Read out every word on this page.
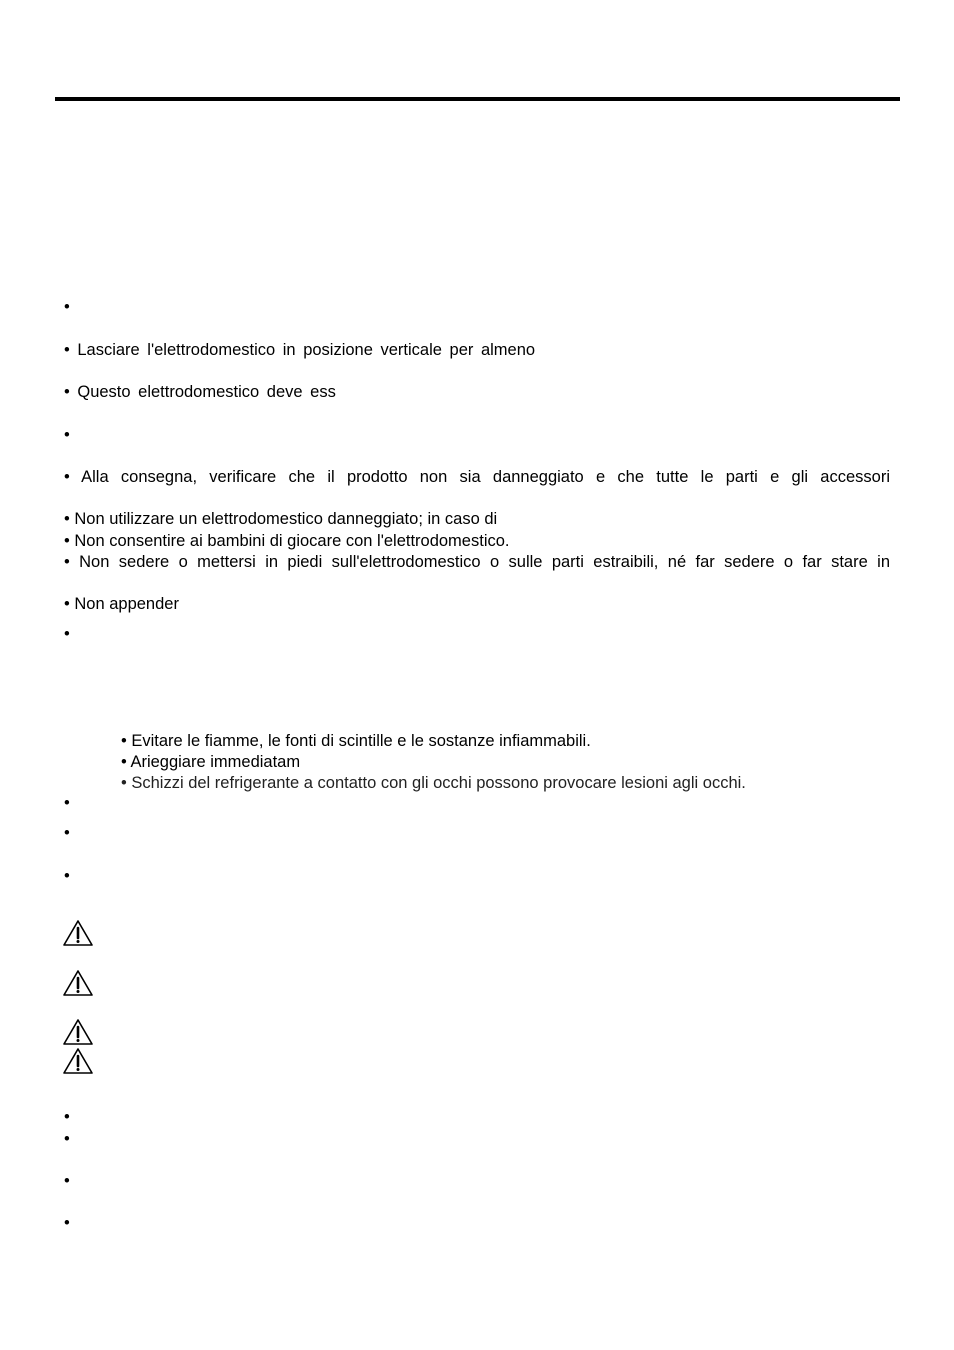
•
• Lasciare l'elettrodomestico in posizione verticale per almeno
• Questo elettrodomestico deve ess
•
• Alla consegna, verificare che il prodotto non sia danneggiato e che tutte le parti e gli accessori
• Non utilizzare un elettrodomestico danneggiato; in caso di
• Non consentire ai bambini di giocare con l'elettrodomestico.
• Non sedere o mettersi in piedi sull'elettrodomestico o sulle parti estraibili, né far sedere o far stare in
• Non appender
•
• Evitare le fiamme, le fonti di scintille e le sostanze infiammabili.
• Arieggiare immediatam
• Schizzi del refrigerante a contatto con gli occhi possono provocare lesioni agli occhi.
•
•
•
•
•
•
•
